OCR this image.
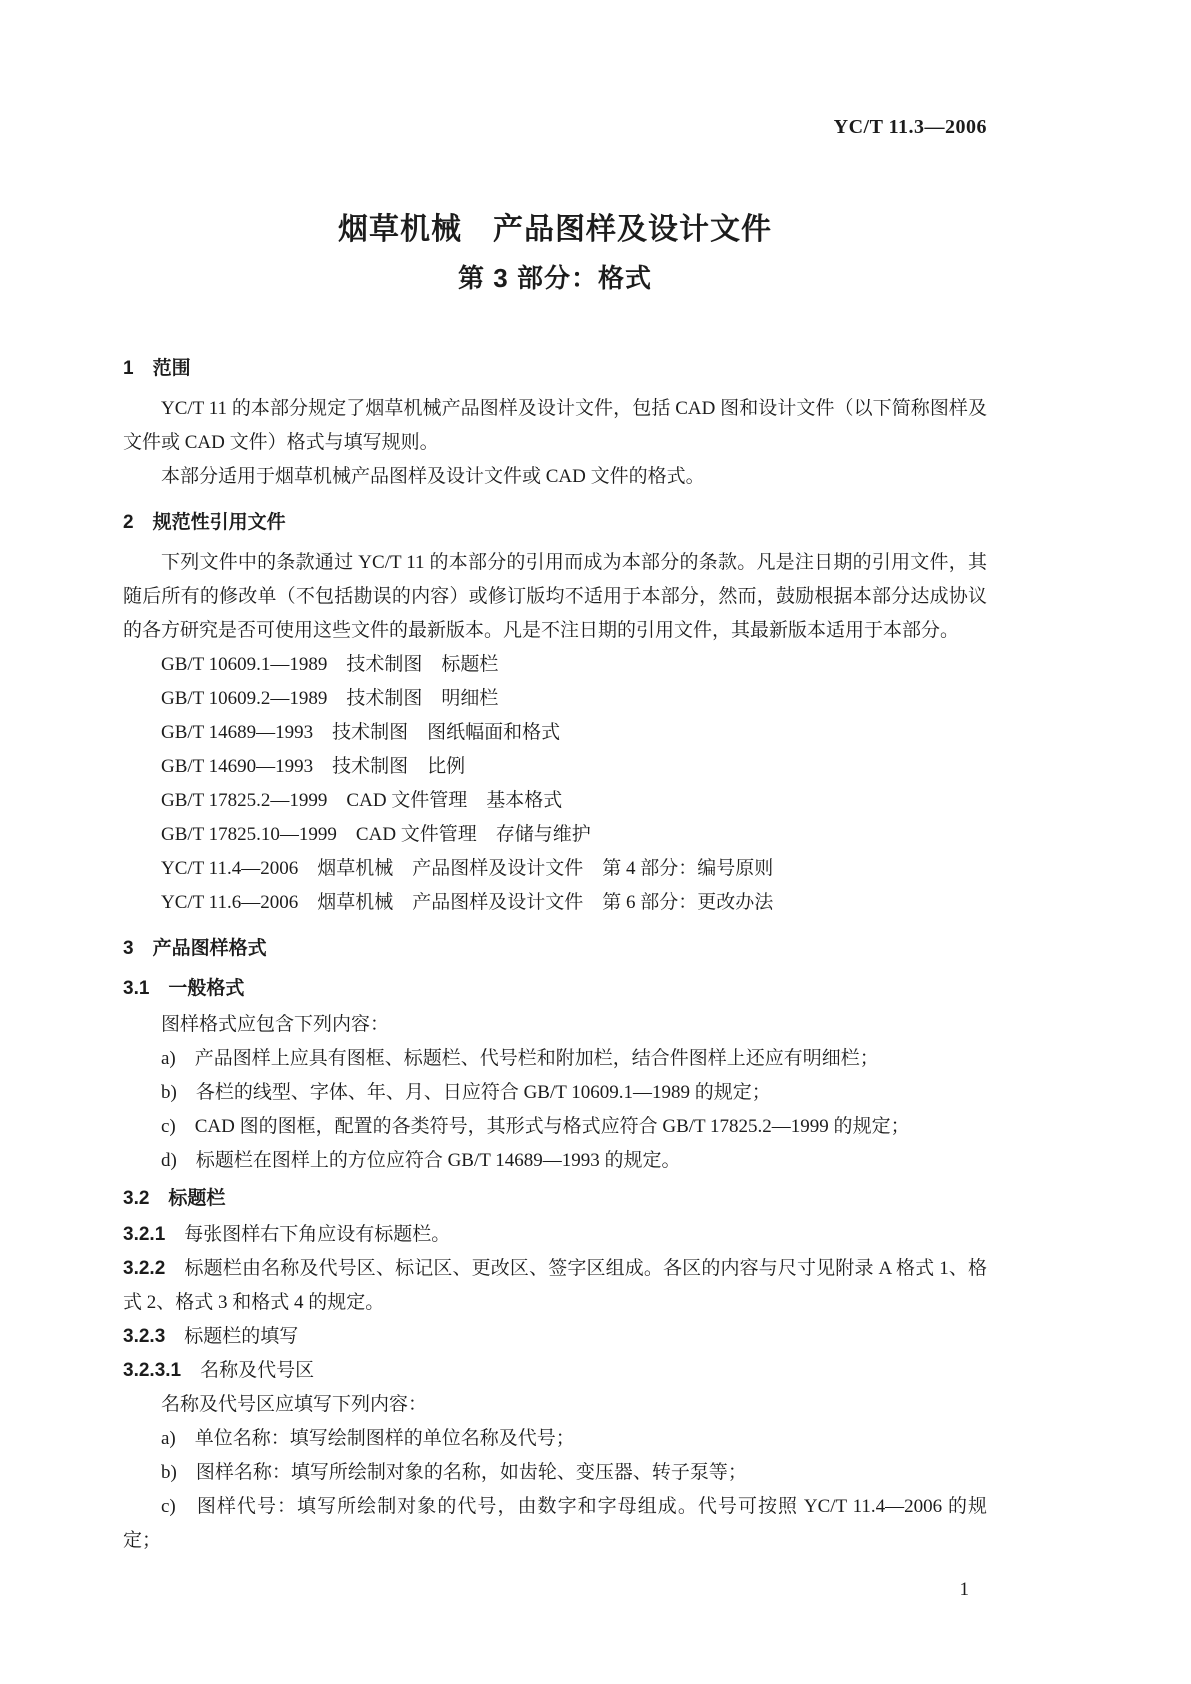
YC/T 11.3—2006
烟草机械　产品图样及设计文件
第 3 部分：格式
1　范围
YC/T 11 的本部分规定了烟草机械产品图样及设计文件，包括 CAD 图和设计文件（以下简称图样及文件或 CAD 文件）格式与填写规则。
本部分适用于烟草机械产品图样及设计文件或 CAD 文件的格式。
2　规范性引用文件
下列文件中的条款通过 YC/T 11 的本部分的引用而成为本部分的条款。凡是注日期的引用文件，其随后所有的修改单（不包括勘误的内容）或修订版均不适用于本部分，然而，鼓励根据本部分达成协议的各方研究是否可使用这些文件的最新版本。凡是不注日期的引用文件，其最新版本适用于本部分。
GB/T 10609.1—1989　技术制图　标题栏
GB/T 10609.2—1989　技术制图　明细栏
GB/T 14689—1993　技术制图　图纸幅面和格式
GB/T 14690—1993　技术制图　比例
GB/T 17825.2—1999　CAD 文件管理　基本格式
GB/T 17825.10—1999　CAD 文件管理　存储与维护
YC/T 11.4—2006　烟草机械　产品图样及设计文件　第 4 部分：编号原则
YC/T 11.6—2006　烟草机械　产品图样及设计文件　第 6 部分：更改办法
3　产品图样格式
3.1　一般格式
图样格式应包含下列内容：
a)　产品图样上应具有图框、标题栏、代号栏和附加栏，结合件图样上还应有明细栏；
b)　各栏的线型、字体、年、月、日应符合 GB/T 10609.1—1989 的规定；
c)　CAD 图的图框，配置的各类符号，其形式与格式应符合 GB/T 17825.2—1999 的规定；
d)　标题栏在图样上的方位应符合 GB/T 14689—1993 的规定。
3.2　标题栏
3.2.1　每张图样右下角应设有标题栏。
3.2.2　标题栏由名称及代号区、标记区、更改区、签字区组成。各区的内容与尺寸见附录 A 格式 1、格式 2、格式 3 和格式 4 的规定。
3.2.3　标题栏的填写
3.2.3.1　名称及代号区
名称及代号区应填写下列内容：
a)　单位名称：填写绘制图样的单位名称及代号；
b)　图样名称：填写所绘制对象的名称，如齿轮、变压器、转子泵等；
c)　图样代号：填写所绘制对象的代号，由数字和字母组成。代号可按照 YC/T 11.4—2006 的规定；
1
